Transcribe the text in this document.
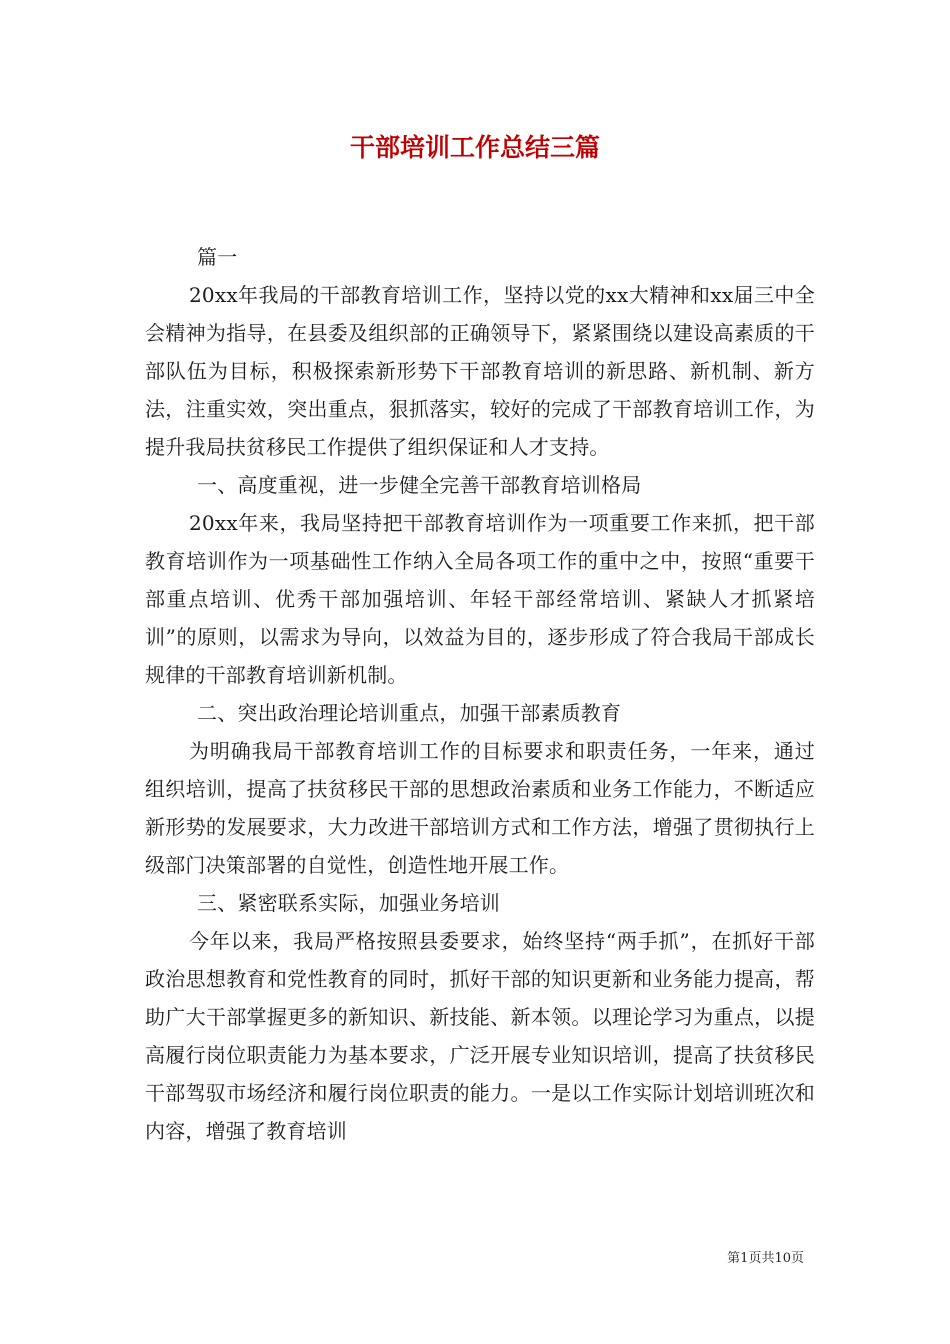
干部培训工作总结三篇

篇一

20xx年我局的干部教育培训工作，坚持以党的xx大精神和xx届三中全会精神为指导，在县委及组织部的正确领导下，紧紧围绕以建设高素质的干部队伍为目标，积极探索新形势下干部教育培训的新思路、新机制、新方法，注重实效，突出重点，狠抓落实，较好的完成了干部教育培训工作，为提升我局扶贫移民工作提供了组织保证和人才支持。

一、高度重视，进一步健全完善干部教育培训格局

20xx年来，我局坚持把干部教育培训作为一项重要工作来抓，把干部教育培训作为一项基础性工作纳入全局各项工作的重中之中，按照“重要干部重点培训、优秀干部加强培训、年轻干部经常培训、紧缺人才抓紧培训”的原则，以需求为导向，以效益为目的，逐步形成了符合我局干部成长规律的干部教育培训新机制。

二、突出政治理论培训重点，加强干部素质教育

为明确我局干部教育培训工作的目标要求和职责任务，一年来，通过组织培训，提高了扶贫移民干部的思想政治素质和业务工作能力，不断适应新形势的发展要求，大力改进干部培训方式和工作方法，增强了贯彻执行上级部门决策部署的自觉性，创造性地开展工作。

三、紧密联系实际，加强业务培训

今年以来，我局严格按照县委要求，始终坚持“两手抓”，在抓好干部政治思想教育和党性教育的同时，抓好干部的知识更新和业务能力提高，帮助广大干部掌握更多的新知识、新技能、新本领。以理论学习为重点，以提高履行岗位职责能力为基本要求，广泛开展专业知识培训，提高了扶贫移民干部驾驭市场经济和履行岗位职责的能力。一是以工作实际计划培训班次和内容，增强了教育培训

第1页共10页
